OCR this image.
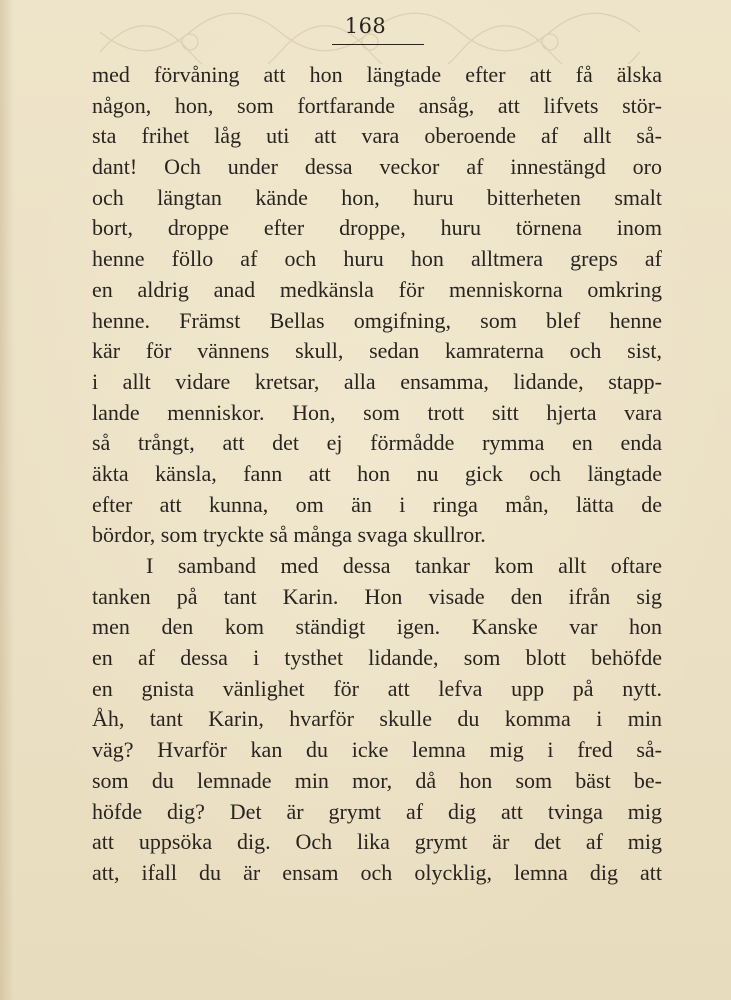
168
med förvåning att hon längtade efter att få älska
någon, hon, som fortfarande ansåg, att lifvets stör-
sta frihet låg uti att vara oberoende af allt så-
dant! Och under dessa veckor af innestängd oro
och längtan kände hon, huru bitterheten smalt
bort, droppe efter droppe, huru törnena inom
henne föllo af och huru hon alltmera greps af
en aldrig anad medkänsla för menniskorna omkring
henne. Främst Bellas omgifning, som blef henne
kär för vännens skull, sedan kamraterna och sist,
i allt vidare kretsar, alla ensamma, lidande, stapp-
lande menniskor. Hon, som trott sitt hjerta vara
så trångt, att det ej förmådde rymma en enda
äkta känsla, fann att hon nu gick och längtade
efter att kunna, om än i ringa mån, lätta de
bördor, som tryckte så många svaga skullror.
I samband med dessa tankar kom allt oftare
tanken på tant Karin. Hon visade den ifrån sig
men den kom ständigt igen. Kanske var hon
en af dessa i tysthet lidande, som blott behöfde
en gnista vänlighet för att lefva upp på nytt.
Åh, tant Karin, hvarför skulle du komma i min
väg? Hvarför kan du icke lemna mig i fred så-
som du lemnade min mor, då hon som bäst be-
höfde dig? Det är grymt af dig att tvinga mig
att uppsöka dig. Och lika grymt är det af mig
att, ifall du är ensam och olycklig, lemna dig att
